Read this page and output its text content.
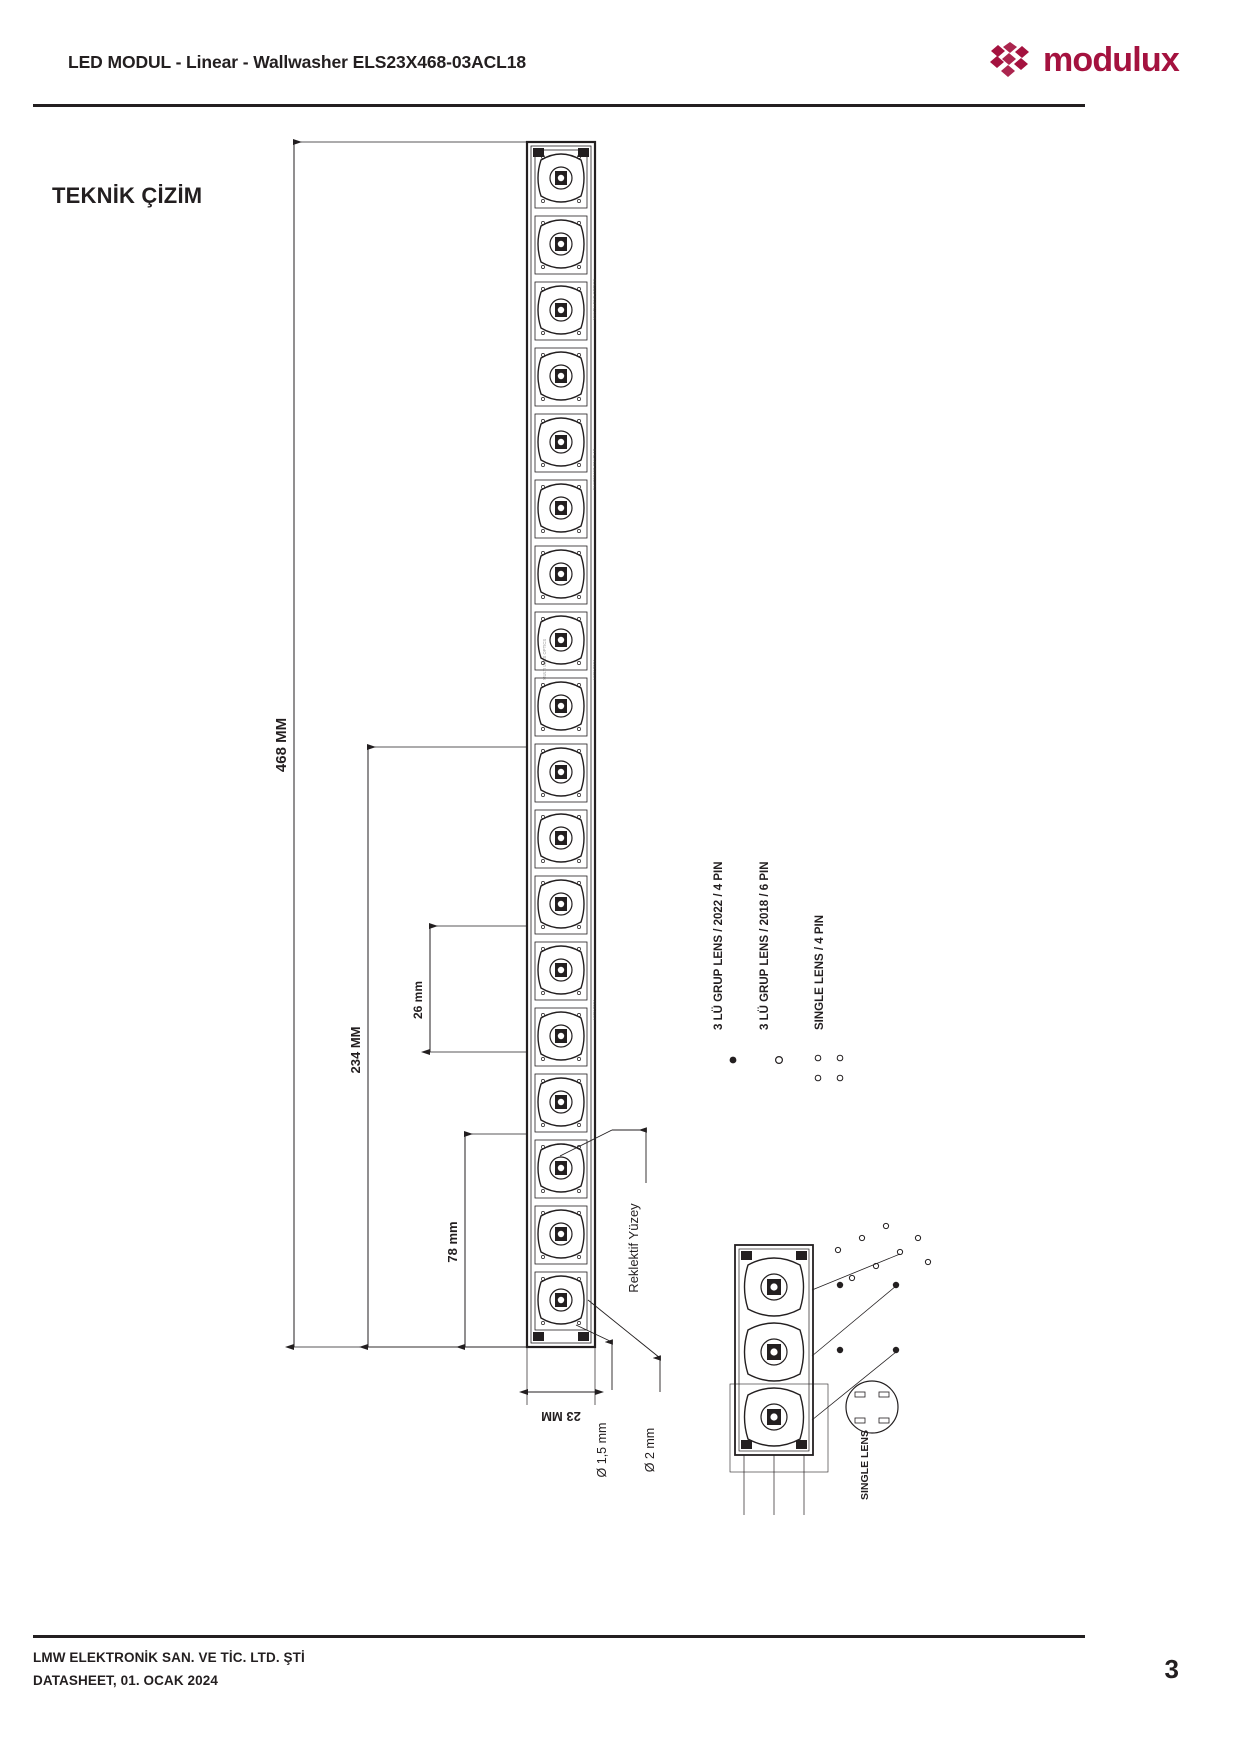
LED MODUL - Linear - Wallwasher ELS23X468-03ACL18	modulux
TEKNİK ÇİZİM
MULTI LENS OPTICS
ELS23X468-03ACL18
LMW 2024
LMW 2024
MULTI LENS OPTICS
468 MM
234 MM
78 mm
26 mm
23 MM
Reklektif Yüzey
Ø 1,5 mm	Ø 2 mm
3 LÜ GRUP LENS / 2022 / 4 PIN	3 LÜ GRUP LENS / 2018 / 6 PIN	SINGLE LENS / 4 PIN
SINGLE LENS
LMW ELEKTRONİK SAN. VE TİC. LTD. ŞTİ
DATASHEET, 01. OCAK 2024	3
